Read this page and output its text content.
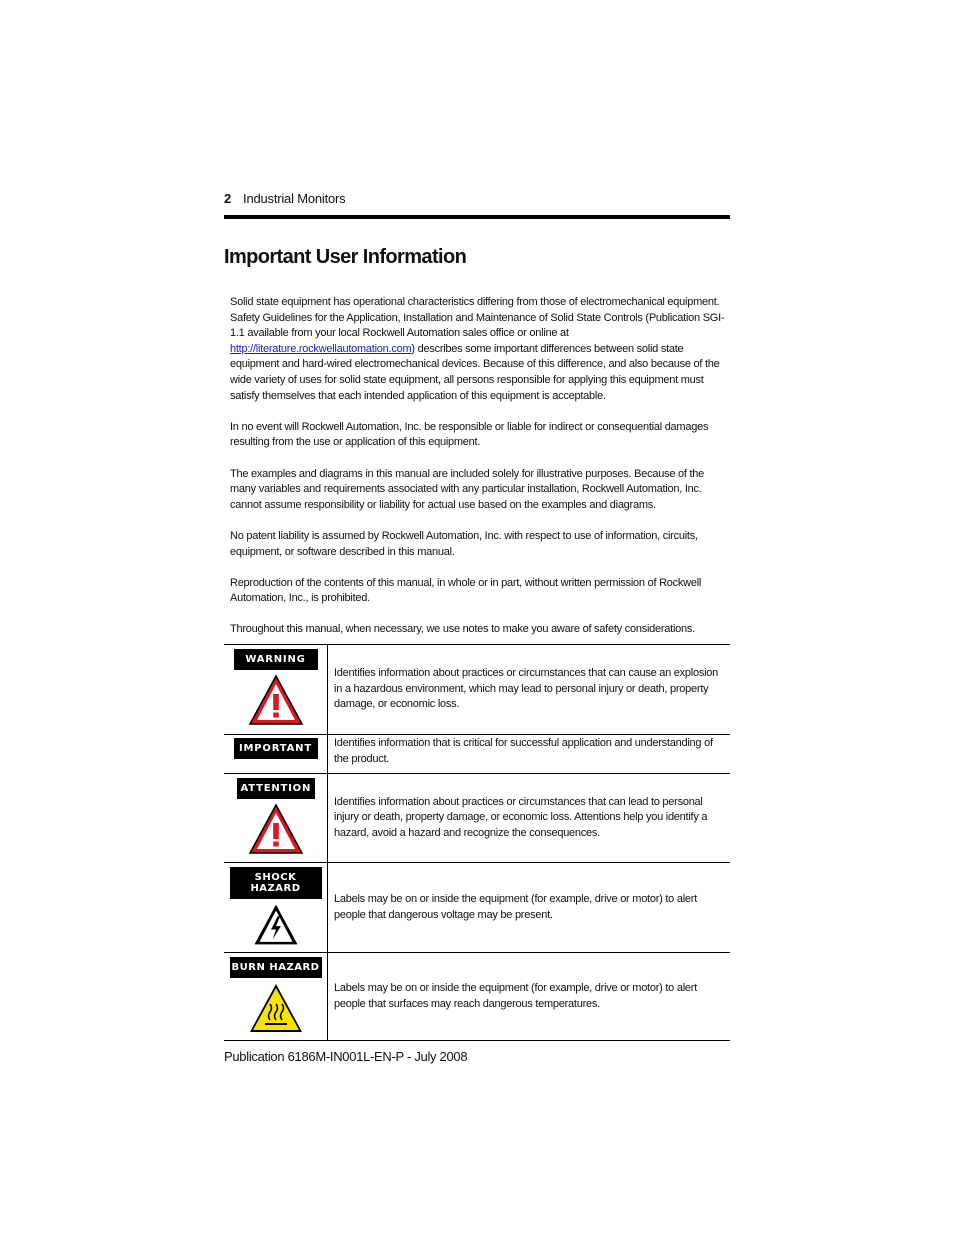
2 Industrial Monitors
Important User Information

Solid state equipment has operational characteristics differing from those of electromechanical equipment. Safety Guidelines for the Application, Installation and Maintenance of Solid State Controls (Publication SGI-1.1 available from your local Rockwell Automation sales office or online at http://literature.rockwellautomation.com) describes some important differences between solid state equipment and hard-wired electromechanical devices. Because of this difference, and also because of the wide variety of uses for solid state equipment, all persons responsible for applying this equipment must satisfy themselves that each intended application of this equipment is acceptable.

In no event will Rockwell Automation, Inc. be responsible or liable for indirect or consequential damages resulting from the use or application of this equipment.

The examples and diagrams in this manual are included solely for illustrative purposes. Because of the many variables and requirements associated with any particular installation, Rockwell Automation, Inc. cannot assume responsibility or liability for actual use based on the examples and diagrams.

No patent liability is assumed by Rockwell Automation, Inc. with respect to use of information, circuits, equipment, or software described in this manual.

Reproduction of the contents of this manual, in whole or in part, without written permission of Rockwell Automation, Inc., is prohibited.

Throughout this manual, when necessary, we use notes to make you aware of safety considerations.

WARNING
Identifies information about practices or circumstances that can cause an explosion in a hazardous environment, which may lead to personal injury or death, property damage, or economic loss.
IMPORTANT	Identifies information that is critical for successful application and understanding of the product.
ATTENTION
Identifies information about practices or circumstances that can lead to personal injury or death, property damage, or economic loss. Attentions help you identify a hazard, avoid a hazard and recognize the consequences.
SHOCK HAZARD
Labels may be on or inside the equipment (for example, drive or motor) to alert people that dangerous voltage may be present.
BURN HAZARD
Labels may be on or inside the equipment (for example, drive or motor) to alert people that surfaces may reach dangerous temperatures.
Publication 6186M-IN001L-EN-P - July 2008
